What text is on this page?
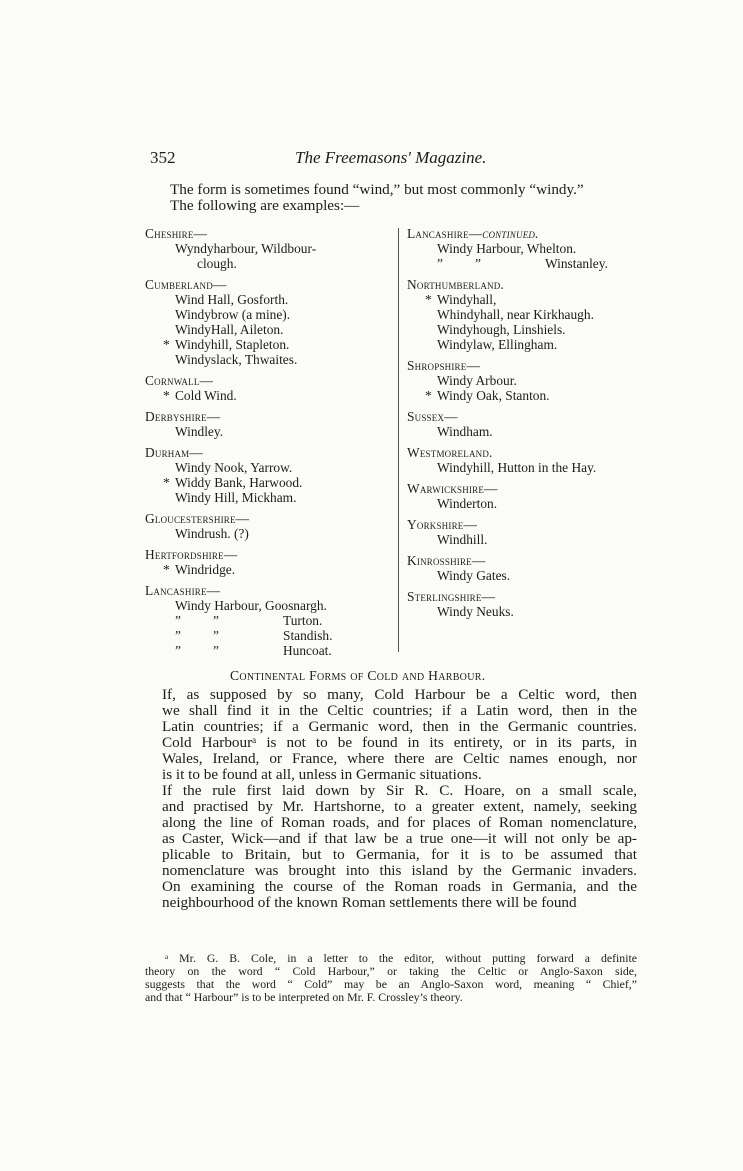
352	The Freemasons' Magazine.

The form is sometimes found “wind,” but most commonly “windy.”

The following are examples:—

Cheshire—

Wyndyharbour, Wildbour-
clough.

Cumberland—

Wind Hall, Gosforth.
Windybrow (a mine).
WindyHall, Aileton.
* Windyhill, Stapleton.
Windyslack, Thwaites.

Cornwall—

* Cold Wind.

Derbyshire—

Windley.

Durham—

Windy Nook, Yarrow.
* Widdy Bank, Harwood.
Windy Hill, Mickham.

Gloucestershire—

Windrush. (?)

Hertfordshire—

* Windridge.

Lancashire—

Windy Harbour, Goosnargh.
”	”	Turton.
”	”	Standish.
”	”	Huncoat.

Lancashire—continued.

Windy Harbour, Whelton.
”	”	Winstanley.

Northumberland.

* Windyhall,
Whindyhall, near Kirkhaugh.
Windyhough, Linshiels.
Windylaw, Ellingham.

Shropshire—

Windy Arbour.
* Windy Oak, Stanton.

Sussex—

Windham.

Westmoreland.

Windyhill, Hutton in the Hay.

Warwickshire—

Winderton.

Yorkshire—

Windhill.

Kinrosshire—

Windy Gates.

Sterlingshire—

Windy Neuks.
Continental Forms of Cold and Harbour.

If, as supposed by so many, Cold Harbour be a Celtic word, then
we shall find it in the Celtic countries; if a Latin word, then in the
Latin countries; if a Germanic word, then in the Germanic countries.
Cold Harbourᵃ is not to be found in its entirety, or in its parts, in
Wales, Ireland, or France, where there are Celtic names enough, nor
is it to be found at all, unless in Germanic situations.

If the rule first laid down by Sir R. C. Hoare, on a small scale,
and practised by Mr. Hartshorne, to a greater extent, namely, seeking
along the line of Roman roads, and for places of Roman nomenclature,
as Caster, Wick—and if that law be a true one—it will not only be ap-
plicable to Britain, but to Germania, for it is to be assumed that
nomenclature was brought into this island by the Germanic invaders.
On examining the course of the Roman roads in Germania, and the
neighbourhood of the known Roman settlements there will be found

ᵃ Mr. G. B. Cole, in a letter to the editor, without putting forward a definite
theory on the word “ Cold Harbour,” or taking the Celtic or Anglo-Saxon side,
suggests that the word “ Cold” may be an Anglo-Saxon word, meaning “ Chief,”
and that “ Harbour” is to be interpreted on Mr. F. Crossley’s theory.
